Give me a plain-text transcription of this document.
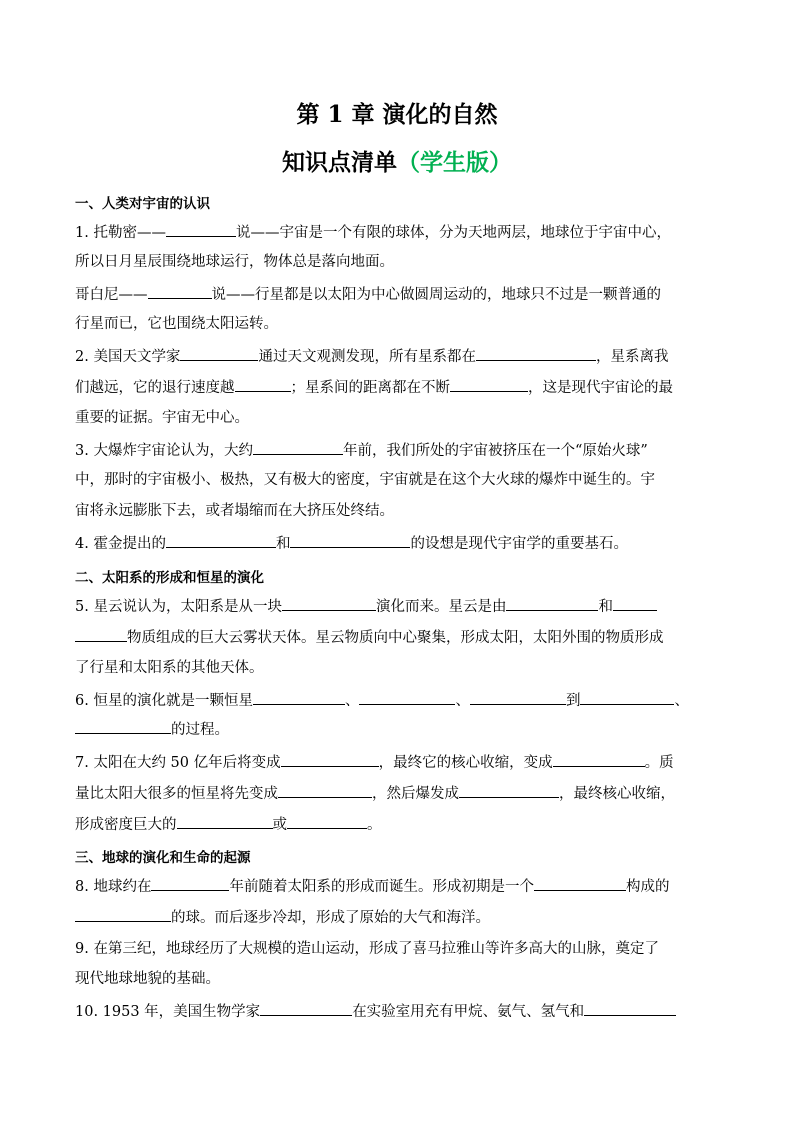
第 1 章 演化的自然
知识点清单（学生版）
一、人类对宇宙的认识
1. 托勒密——	说——宇宙是一个有限的球体，分为天地两层，地球位于宇宙中心，
所以日月星辰围绕地球运行，物体总是落向地面。
哥白尼——	说——行星都是以太阳为中心做圆周运动的，地球只不过是一颗普通的
行星而已，它也围绕太阳运转。
2. 美国天文学家	通过天文观测发现，所有星系都在	，星系离我
们越远，它的退行速度越	；星系间的距离都在不断	，这是现代宇宙论的最
重要的证据。宇宙无中心。
3. 大爆炸宇宙论认为，大约	年前，我们所处的宇宙被挤压在一个“原始火球”
中，那时的宇宙极小、极热，又有极大的密度，宇宙就是在这个大火球的爆炸中诞生的。宇
宙将永远膨胀下去，或者塌缩而在大挤压处终结。
4. 霍金提出的	和	的设想是现代宇宙学的重要基石。
二、太阳系的形成和恒星的演化
5. 星云说认为，太阳系是从一块	演化而来。星云是由	和
物质组成的巨大云雾状天体。星云物质向中心聚集，形成太阳，太阳外围的物质形成
了行星和太阳系的其他天体。
6. 恒星的演化就是一颗恒星	、	、	到	、
的过程。
7. 太阳在大约 50 亿年后将变成	，最终它的核心收缩，变成	。质
量比太阳大很多的恒星将先变成	，然后爆发成	，最终核心收缩，
形成密度巨大的	或	。
三、地球的演化和生命的起源
8. 地球约在	年前随着太阳系的形成而诞生。形成初期是一个	构成的
的球。而后逐步冷却，形成了原始的大气和海洋。
9. 在第三纪，地球经历了大规模的造山运动，形成了喜马拉雅山等许多高大的山脉，奠定了
现代地球地貌的基础。
10. 1953 年，美国生物学家	在实验室用充有甲烷、氨气、氢气和
